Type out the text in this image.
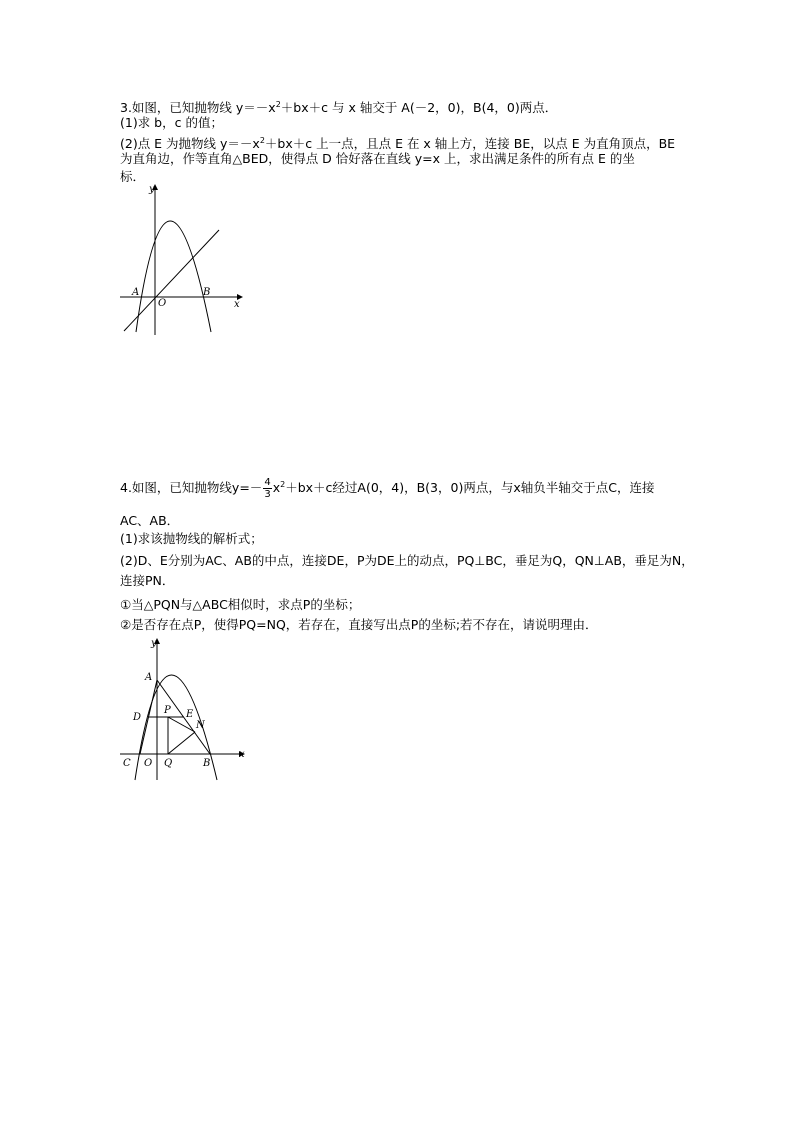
3.如图，已知抛物线 $y=-x^2+bx+c$ 与 x 轴交于 A(－2，0)，B(4，0)两点．
(1)求 b，c 的值；
(2)点 E 为抛物线 $y=-x^2+bx+c$ 上一点，且点 E 在 x 轴上方，连接 BE，以点 E 为直角顶点，BE
为直角边，作等直角△BED，使得点 D 恰好落在直线 y=x 上，求出满足条件的所有点 E 的坐
标．
y
x
A
O
B
4.如图，已知抛物线$y=- \frac{4}{3} x^2+bx+c$经过A(0，4)，B(3，0)两点，与x轴负半轴交于点C，连接
AC、AB．
(1)求该抛物线的解析式；
(2)D、E分别为AC、AB的中点，连接DE，P为DE上的动点，PQ⊥BC，垂足为Q，QN⊥AB，垂足为N，
连接PN．
①当△PQN与△ABC相似时，求点P的坐标；
②是否存在点P，使得PQ=NQ，若存在，直接写出点P的坐标;若不存在，请说明理由．
y
x
A
D
P E
N
C O Q	B
